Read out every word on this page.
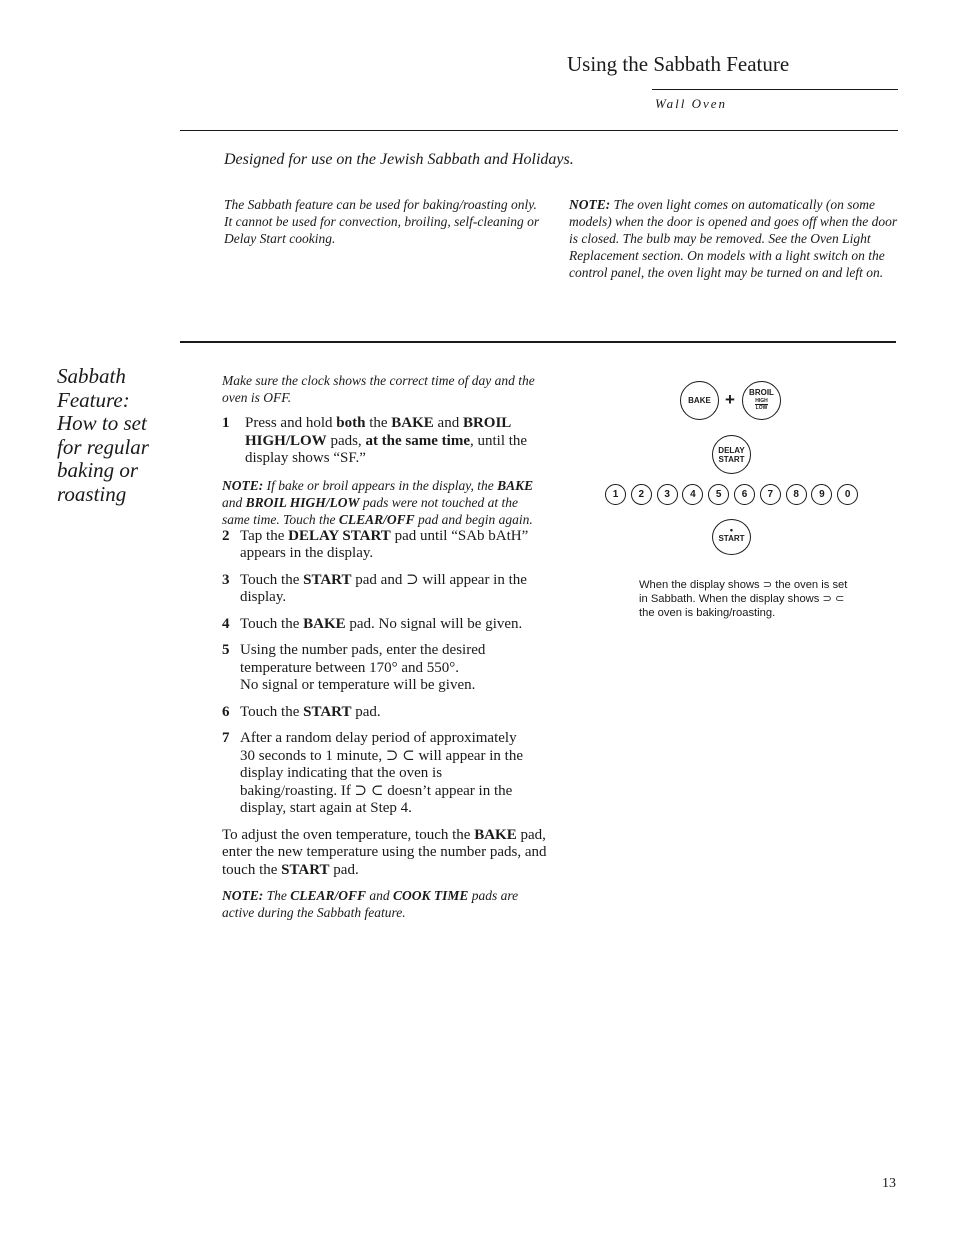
Using the Sabbath Feature
Wall Oven
Designed for use on the Jewish Sabbath and Holidays.
The Sabbath feature can be used for baking/roasting only. It cannot be used for convection, broiling, self-cleaning or Delay Start cooking.
NOTE: The oven light comes on automatically (on some models) when the door is opened and goes off when the door is closed. The bulb may be removed. See the Oven Light Replacement section. On models with a light switch on the control panel, the oven light may be turned on and left on.
Sabbath Feature: How to set for regular baking or roasting

Make sure the clock shows the correct time of day and the oven is OFF.

1	Press and hold both the BAKE and BROIL HIGH/LOW pads, at the same time, until the display shows “SF.”

NOTE: If bake or broil appears in the display, the BAKE and BROIL HIGH/LOW pads were not touched at the same time. Touch the CLEAR/OFF pad and begin again.

2 Tap the DELAY START pad until “SAb bAtH” appears in the display.
3 Touch the START pad and ⊃ will appear in the display.
4 Touch the BAKE pad. No signal will be given.
5 Using the number pads, enter the desired temperature between 170° and 550°.
No signal or temperature will be given.
6 Touch the START pad.
7 After a random delay period of approximately 30 seconds to 1 minute, ⊃ ⊂ will appear in the display indicating that the oven is baking/roasting. If ⊃ ⊂ doesn’t appear in the display, start again at Step 4.

To adjust the oven temperature, touch the BAKE pad, enter the new temperature using the number pads, and touch the START pad.

NOTE: The CLEAR/OFF and COOK TIME pads are active during the Sabbath feature.

BAKE + BROIL
HIGH
LOW
DELAY
START
1	2	3	4	5	6	7	8	9	0
•
START
When the display shows ⊃ the oven is set in Sabbath. When the display shows ⊃ ⊂ the oven is baking/roasting.
13
